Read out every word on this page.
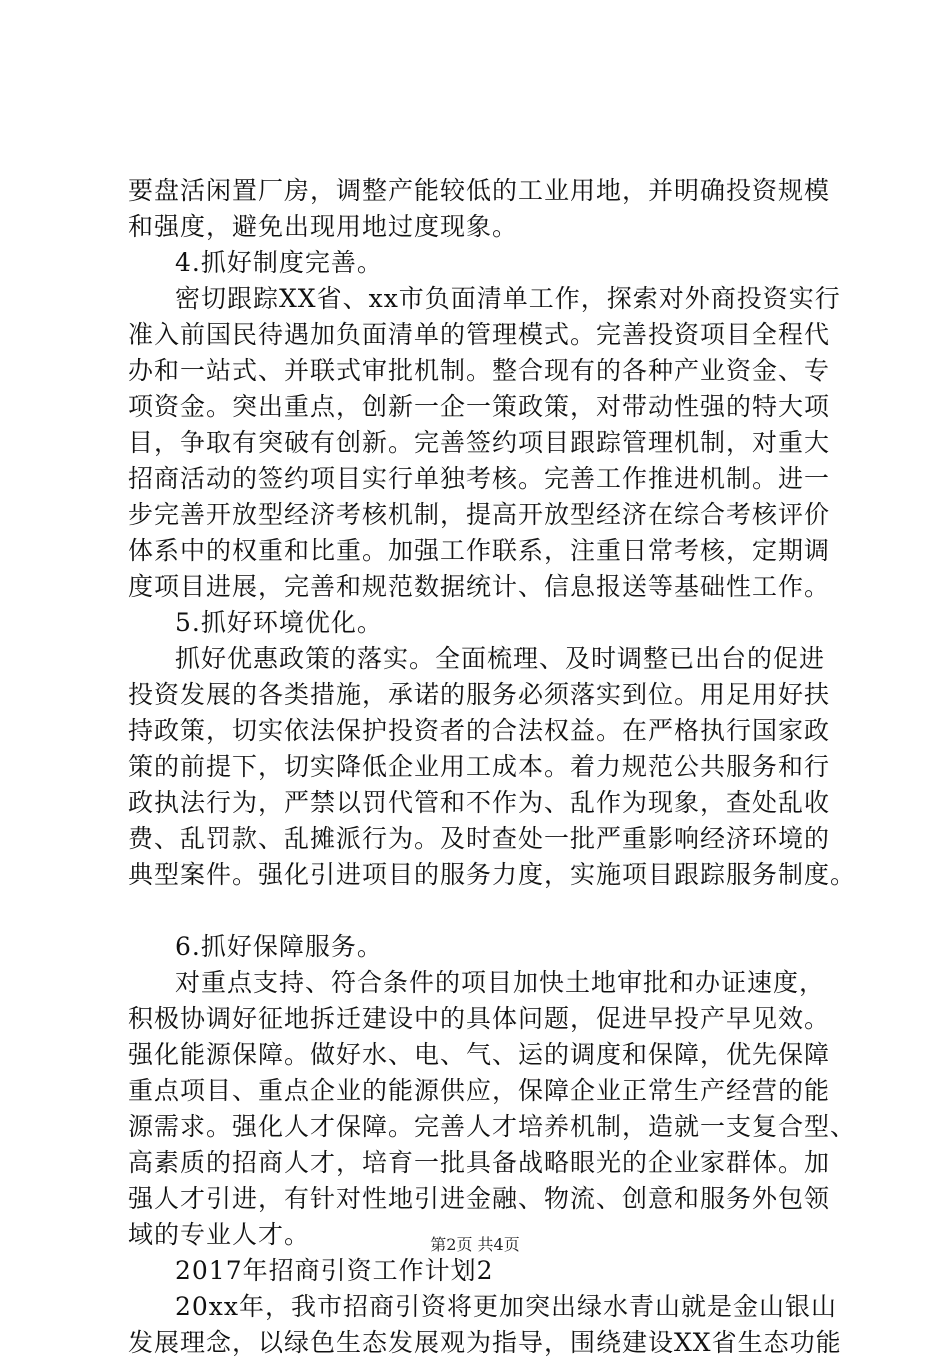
要盘活闲置厂房，调整产能较低的工业用地，并明确投资规模
和强度，避免出现用地过度现象。
4.抓好制度完善。
密切跟踪XX省、xx市负面清单工作，探索对外商投资实行
准入前国民待遇加负面清单的管理模式。完善投资项目全程代
办和一站式、并联式审批机制。整合现有的各种产业资金、专
项资金。突出重点，创新一企一策政策，对带动性强的特大项
目，争取有突破有创新。完善签约项目跟踪管理机制，对重大
招商活动的签约项目实行单独考核。完善工作推进机制。进一
步完善开放型经济考核机制，提高开放型经济在综合考核评价
体系中的权重和比重。加强工作联系，注重日常考核，定期调
度项目进展，完善和规范数据统计、信息报送等基础性工作。
5.抓好环境优化。
抓好优惠政策的落实。全面梳理、及时调整已出台的促进
投资发展的各类措施，承诺的服务必须落实到位。用足用好扶
持政策，切实依法保护投资者的合法权益。在严格执行国家政
策的前提下，切实降低企业用工成本。着力规范公共服务和行
政执法行为，严禁以罚代管和不作为、乱作为现象，查处乱收
费、乱罚款、乱摊派行为。及时查处一批严重影响经济环境的
典型案件。强化引进项目的服务力度，实施项目跟踪服务制度。
6.抓好保障服务。
对重点支持、符合条件的项目加快土地审批和办证速度，
积极协调好征地拆迁建设中的具体问题，促进早投产早见效。
强化能源保障。做好水、电、气、运的调度和保障，优先保障
重点项目、重点企业的能源供应，保障企业正常生产经营的能
源需求。强化人才保障。完善人才培养机制，造就一支复合型、
高素质的招商人才，培育一批具备战略眼光的企业家群体。加
强人才引进，有针对性地引进金融、物流、创意和服务外包领
域的专业人才。
2017年招商引资工作计划2
20xx年，我市招商引资将更加突出绿水青山就是金山银山
发展理念，以绿色生态发展观为指导，围绕建设XX省生态功能
第2页 共4页
